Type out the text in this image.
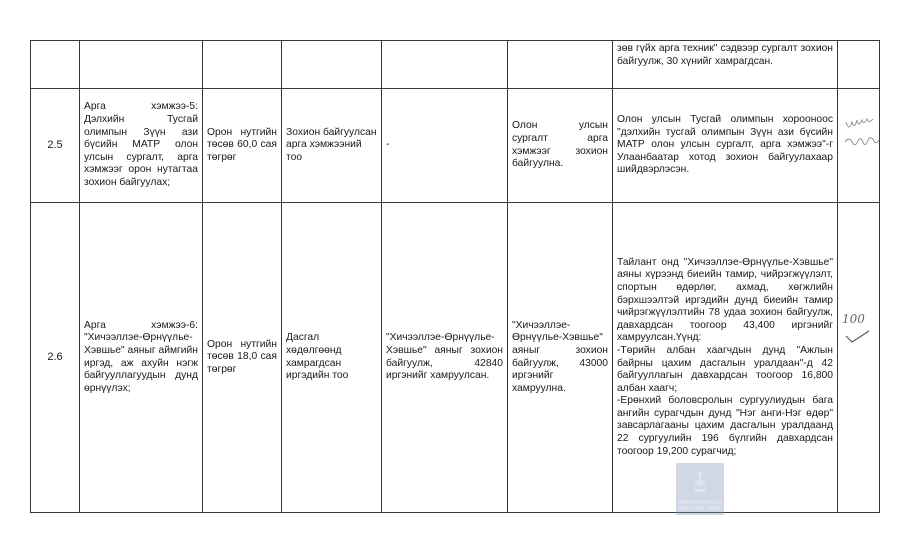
						зөв гүйх арга техник" сэдвээр сургалт зохион байгуулж, 30 хүнийг хамрагдсан.	
2.5	Арга хэмжээ-5: Дэлхийн Тусгай олимпын Зүүн ази бүсийн МАТР олон улсын сургалт, арга хэмжээг орон нутагтаа зохион байгуулах;	Орон нутгийн төсөв 60,0 сая төгрөг	Зохион байгуулсан арга хэмжээний тоо	-	Олон улсын сургалт арга хэмжээг зохион байгуулна.	Олон улсын Тусгай олимпын хорооноос "дэлхийн тусгай олимпын Зүүн ази бүсийн МАТР олон улсын сургалт, арга хэмжээ"-г Улаанбаатар хотод зохион байгуулахаар шийдвэрлэсэн.	
2.6	Арга хэмжээ-6: "Хичээллэе-Өрнүүлье-Хэвшье" аяныг аймгийн иргэд, аж ахуйн нэгж байгууллагуудын дунд өрнүүлэх;	Орон нутгийн төсөв 18,0 сая төгрөг	Дасгал хөдөлгөөнд хамрагдсан иргэдийн тоо	"Хичээллэе-Өрнүүлье-Хэвшье" аяныг зохион байгуулж, 42840 иргэнийг хамруулсан.	"Хичээллэе-Өрнүүлье-Хэвшье" аяныг зохион байгуулж, 43000 иргэнийг хамруулна.	Тайлант онд "Хичээллэе-Өрнүүлье-Хэвшье" аяны хүрээнд биеийн тамир, чийрэгжүүлэлт, спортын өдөрлөг, ахмад, хөгжлийн бэрхшээлтэй иргэдийн дунд биеийн тамир чийрэгжүүлэлтийн 78 удаа зохион байгуулж, давхардсан тоогоор 43,400 иргэнийг хамруулсан.Үүнд:
-Төрийн албан хаагчдын дунд "Ажлын байрны цахим дасгалын уралдаан"-д 42 байгууллагын давхардсан тоогоор 16,800 албан хаагч;
-Ерөнхий боловсролын сургуулиудын бага ангийн сурагчдын дунд "Нэг анги-Нэг өдөр" завсарлагааны цахим дасгалын уралдаанд 22 сургуулийн 196 бүлгийн давхардсан тоогоор 19,200 сурагчид;	100
МОНГОЛ УЛСЫН АУДИТЫН ГАЗАР
